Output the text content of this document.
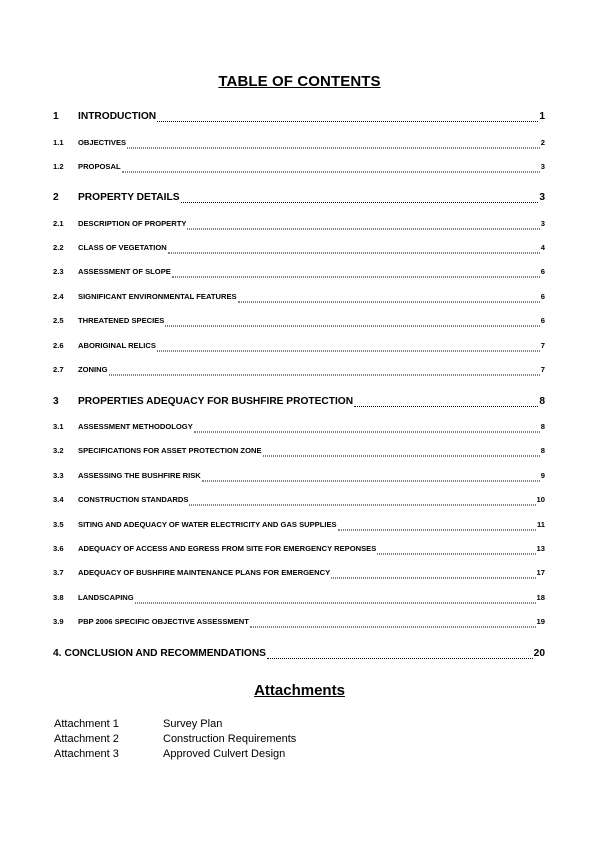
TABLE OF CONTENTS
1	INTRODUCTION	1
1.1	OBJECTIVES	2
1.2	PROPOSAL	3
2	PROPERTY DETAILS	3
2.1	DESCRIPTION OF PROPERTY	3
2.2	CLASS OF VEGETATION	4
2.3	ASSESSMENT OF SLOPE	6
2.4	SIGNIFICANT ENVIRONMENTAL FEATURES	6
2.5	THREATENED SPECIES	6
2.6	ABORIGINAL RELICS	7
2.7	ZONING	7
3	PROPERTIES ADEQUACY FOR BUSHFIRE PROTECTION	8
3.1	ASSESSMENT METHODOLOGY	8
3.2	SPECIFICATIONS FOR ASSET PROTECTION ZONE	8
3.3	ASSESSING THE BUSHFIRE RISK	9
3.4	CONSTRUCTION STANDARDS	10
3.5	SITING AND ADEQUACY OF WATER ELECTRICITY AND GAS SUPPLIES	11
3.6	ADEQUACY OF ACCESS AND EGRESS FROM SITE FOR EMERGENCY REPONSES	13
3.7	ADEQUACY OF BUSHFIRE MAINTENANCE PLANS FOR EMERGENCY	17
3.8	LANDSCAPING	18
3.9	PBP 2006 SPECIFIC OBJECTIVE ASSESSMENT	19
4. CONCLUSION AND RECOMMENDATIONS	20
Attachments
Attachment 1	Survey Plan
Attachment 2	Construction Requirements
Attachment 3	Approved Culvert Design
